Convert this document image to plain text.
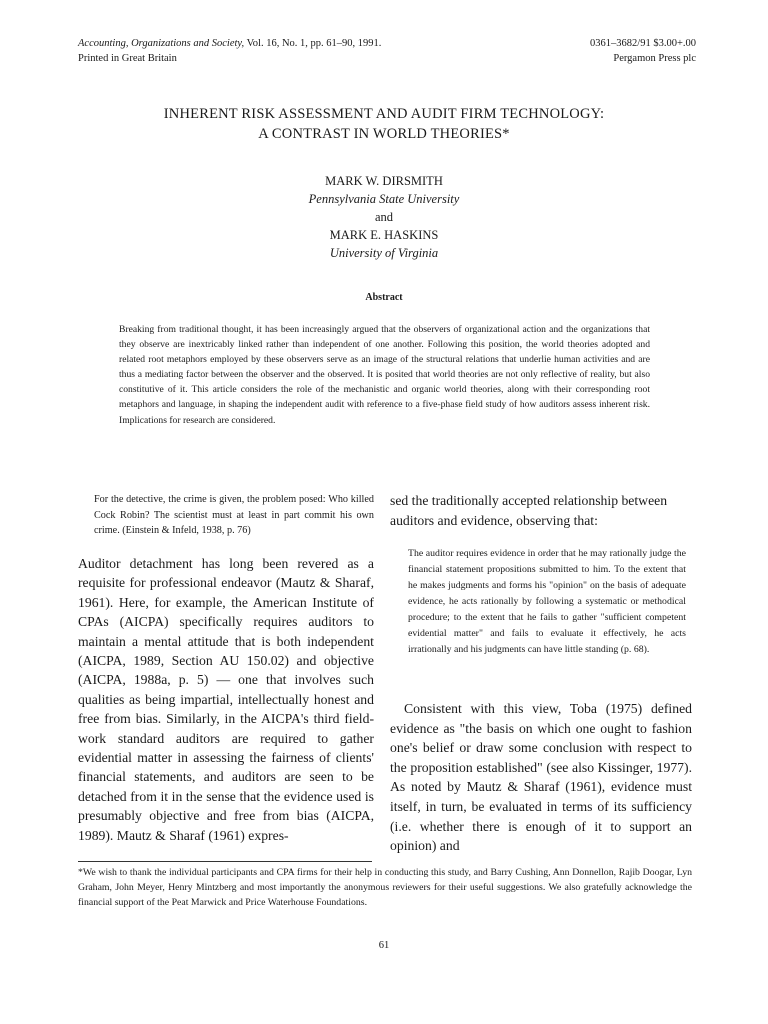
Accounting, Organizations and Society, Vol. 16, No. 1, pp. 61–90, 1991.
Printed in Great Britain
0361–3682/91 $3.00+.00
Pergamon Press plc
INHERENT RISK ASSESSMENT AND AUDIT FIRM TECHNOLOGY:
A CONTRAST IN WORLD THEORIES*
MARK W. DIRSMITH
Pennsylvania State University
and
MARK E. HASKINS
University of Virginia
Abstract

Breaking from traditional thought, it has been increasingly argued that the observers of organizational action and the organizations that they observe are inextricably linked rather than independent of one another. Following this position, the world theories adopted and related root metaphors employed by these observers serve as an image of the structural relations that underlie human activities and are thus a mediating factor between the observer and the observed. It is posited that world theories are not only reflective of reality, but also constitutive of it. This article considers the role of the mechanistic and organic world theories, along with their corresponding root metaphors and language, in shaping the independent audit with reference to a five-phase field study of how auditors assess inherent risk. Implications for research are considered.

For the detective, the crime is given, the problem posed: Who killed Cock Robin? The scientist must at least in part commit his own crime. (Einstein & Infeld, 1938, p. 76)

Auditor detachment has long been revered as a requisite for professional endeavor (Mautz & Sharaf, 1961). Here, for example, the American Institute of CPAs (AICPA) specifically requires auditors to maintain a mental attitude that is both independent (AICPA, 1989, Section AU 150.02) and objective (AICPA, 1988a, p. 5) — one that involves such qualities as being impartial, intellectually honest and free from bias. Similarly, in the AICPA's third field-work standard auditors are required to gather evidential matter in assessing the fairness of clients' financial statements, and auditors are seen to be detached from it in the sense that the evidence used is presumably objective and free from bias (AICPA, 1989). Mautz & Sharaf (1961) expres-

sed the traditionally accepted relationship between auditors and evidence, observing that:

The auditor requires evidence in order that he may rationally judge the financial statement propositions submitted to him. To the extent that he makes judgments and forms his "opinion" on the basis of adequate evidence, he acts rationally by following a systematic or methodical procedure; to the extent that he fails to gather "sufficient competent evidential matter" and fails to evaluate it effectively, he acts irrationally and his judgments can have little standing (p. 68).

Consistent with this view, Toba (1975) defined evidence as "the basis on which one ought to fashion one's belief or draw some conclusion with respect to the proposition established" (see also Kissinger, 1977). As noted by Mautz & Sharaf (1961), evidence must itself, in turn, be evaluated in terms of its sufficiency (i.e. whether there is enough of it to support an opinion) and

*We wish to thank the individual participants and CPA firms for their help in conducting this study, and Barry Cushing, Ann Donnellon, Rajib Doogar, Lyn Graham, John Meyer, Henry Mintzberg and most importantly the anonymous reviewers for their useful suggestions. We also gratefully acknowledge the financial support of the Peat Marwick and Price Waterhouse Foundations.

61
